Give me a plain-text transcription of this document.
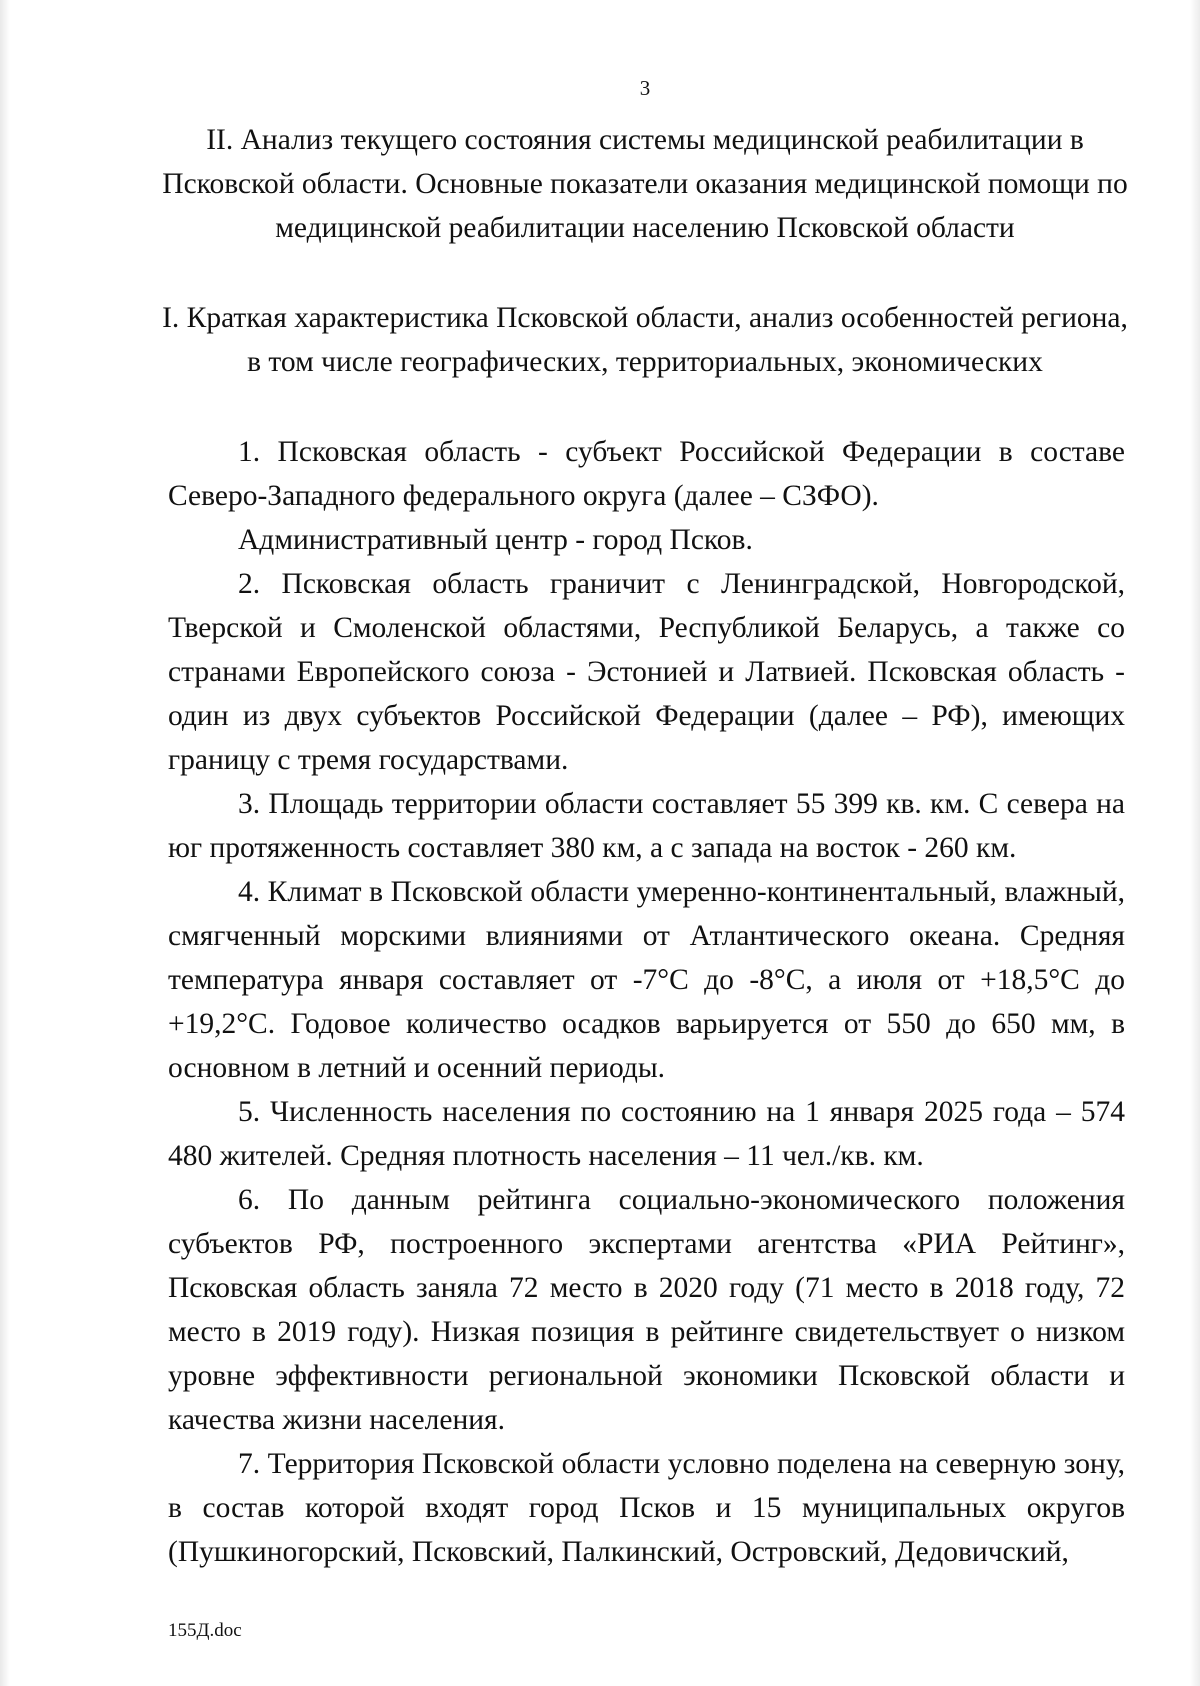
3
II. Анализ текущего состояния системы медицинской реабилитации в Псковской области. Основные показатели оказания медицинской помощи по медицинской реабилитации населению Псковской области
I. Краткая характеристика Псковской области, анализ особенностей региона, в том числе географических, территориальных, экономических

1. Псковская область - субъект Российской Федерации в составе Северо-Западного федерального округа (далее – СЗФО).

Административный центр - город Псков.

2. Псковская область граничит с Ленинградской, Новгородской, Тверской и Смоленской областями, Республикой Беларусь, а также со странами Европейского союза - Эстонией и Латвией. Псковская область - один из двух субъектов Российской Федерации (далее – РФ), имеющих границу с тремя государствами.

3. Площадь территории области составляет 55 399 кв. км. С севера на юг протяженность составляет 380 км, а с запада на восток - 260 км.

4. Климат в Псковской области умеренно-континентальный, влажный, смягченный морскими влияниями от Атлантического океана. Средняя температура января составляет от -7°С до -8°С, а июля от +18,5°С до +19,2°С. Годовое количество осадков варьируется от 550 до 650 мм, в основном в летний и осенний периоды.

5. Численность населения по состоянию на 1 января 2025 года – 574 480 жителей. Средняя плотность населения – 11 чел./кв. км.

6. По данным рейтинга социально-экономического положения субъектов РФ, построенного экспертами агентства «РИА Рейтинг», Псковская область заняла 72 место в 2020 году (71 место в 2018 году, 72 место в 2019 году). Низкая позиция в рейтинге свидетельствует о низком уровне эффективности региональной экономики Псковской области и качества жизни населения.

7. Территория Псковской области условно поделена на северную зону, в состав которой входят город Псков и 15 муниципальных округов (Пушкиногорский, Псковский, Палкинский, Островский, Дедовичский,

155Д.doc
